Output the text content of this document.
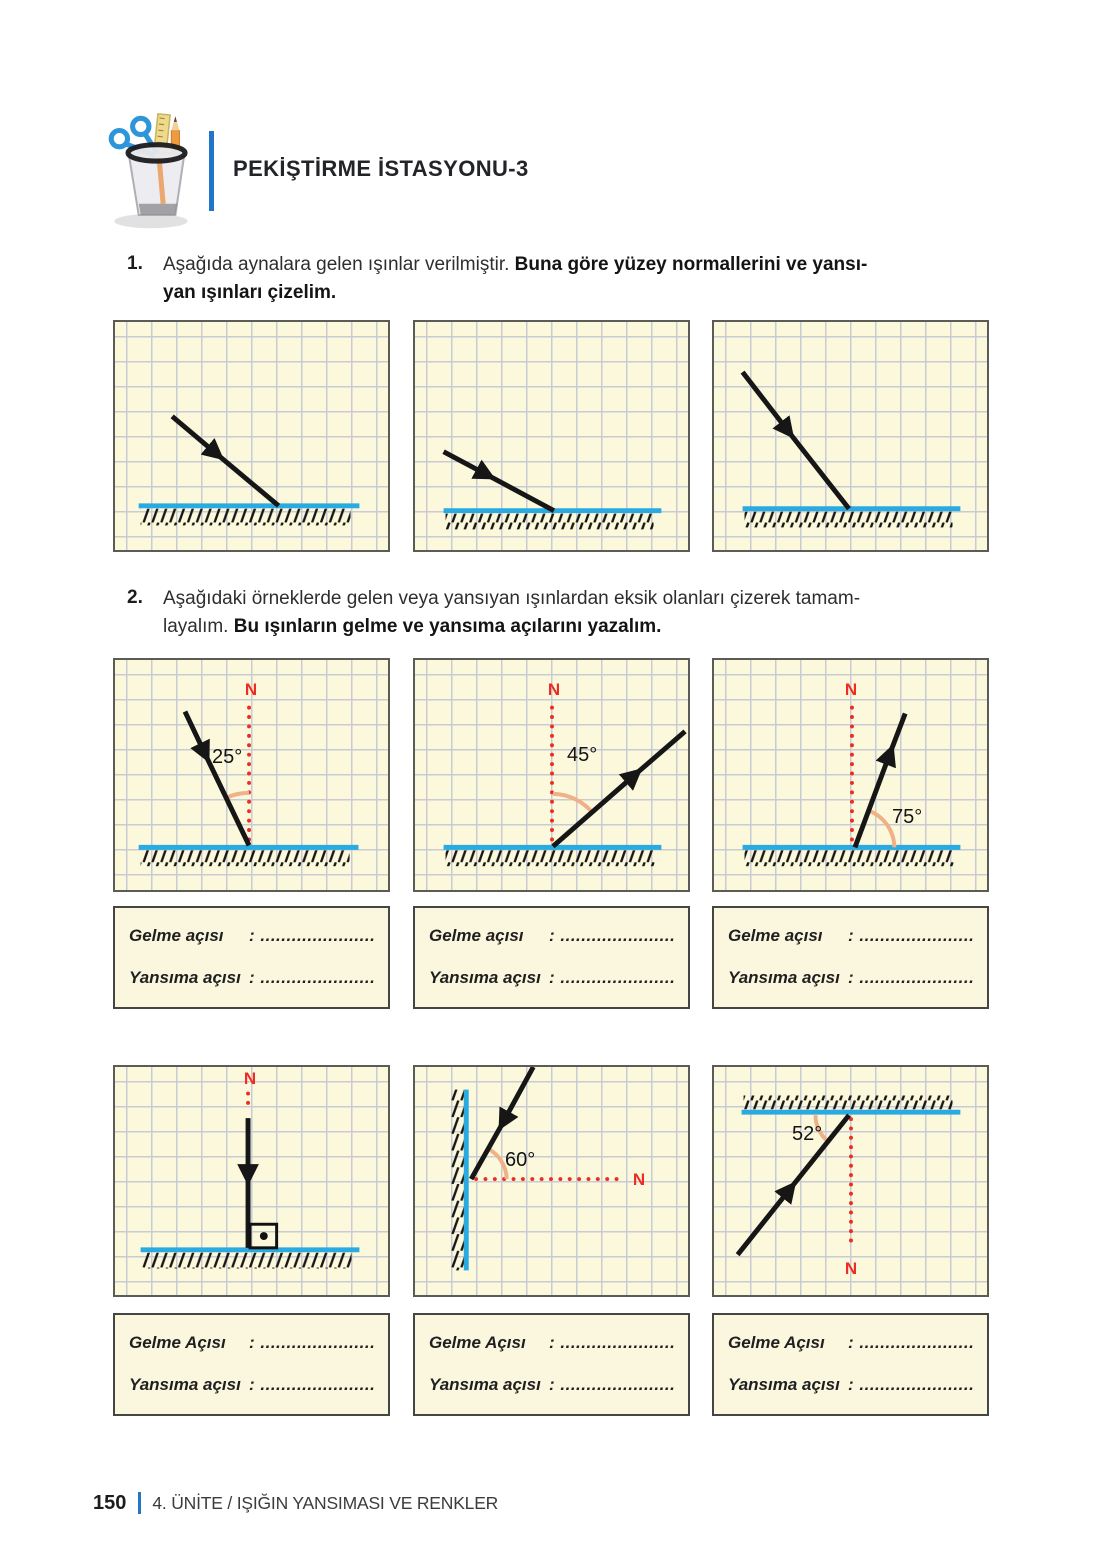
PEKİŞTİRME İSTASYONU-3
1. Aşağıda aynalara gelen ışınlar verilmiştir. Buna göre yüzey normallerini ve yansı-
yan ışınları çizelim.
2. Aşağıdaki örneklerde gelen veya yansıyan ışınlardan eksik olanları çizerek tamam-
layalım. Bu ışınların gelme ve yansıma açılarını yazalım.
N
25°
N
45°
N
75°
Gelme açısı	: ......................
Yansıma açısı : ......................
Gelme açısı	: ......................
Yansıma açısı : ......................
Gelme açısı	: ......................
Yansıma açısı : ......................
N
N
60°
N
52°
Gelme Açısı	: ......................
Yansıma açısı : ......................
Gelme Açısı	: ......................
Yansıma açısı : ......................
Gelme Açısı	: ......................
Yansıma açısı : ......................
150 4. ÜNİTE / IŞIĞIN YANSIMASI VE RENKLER
